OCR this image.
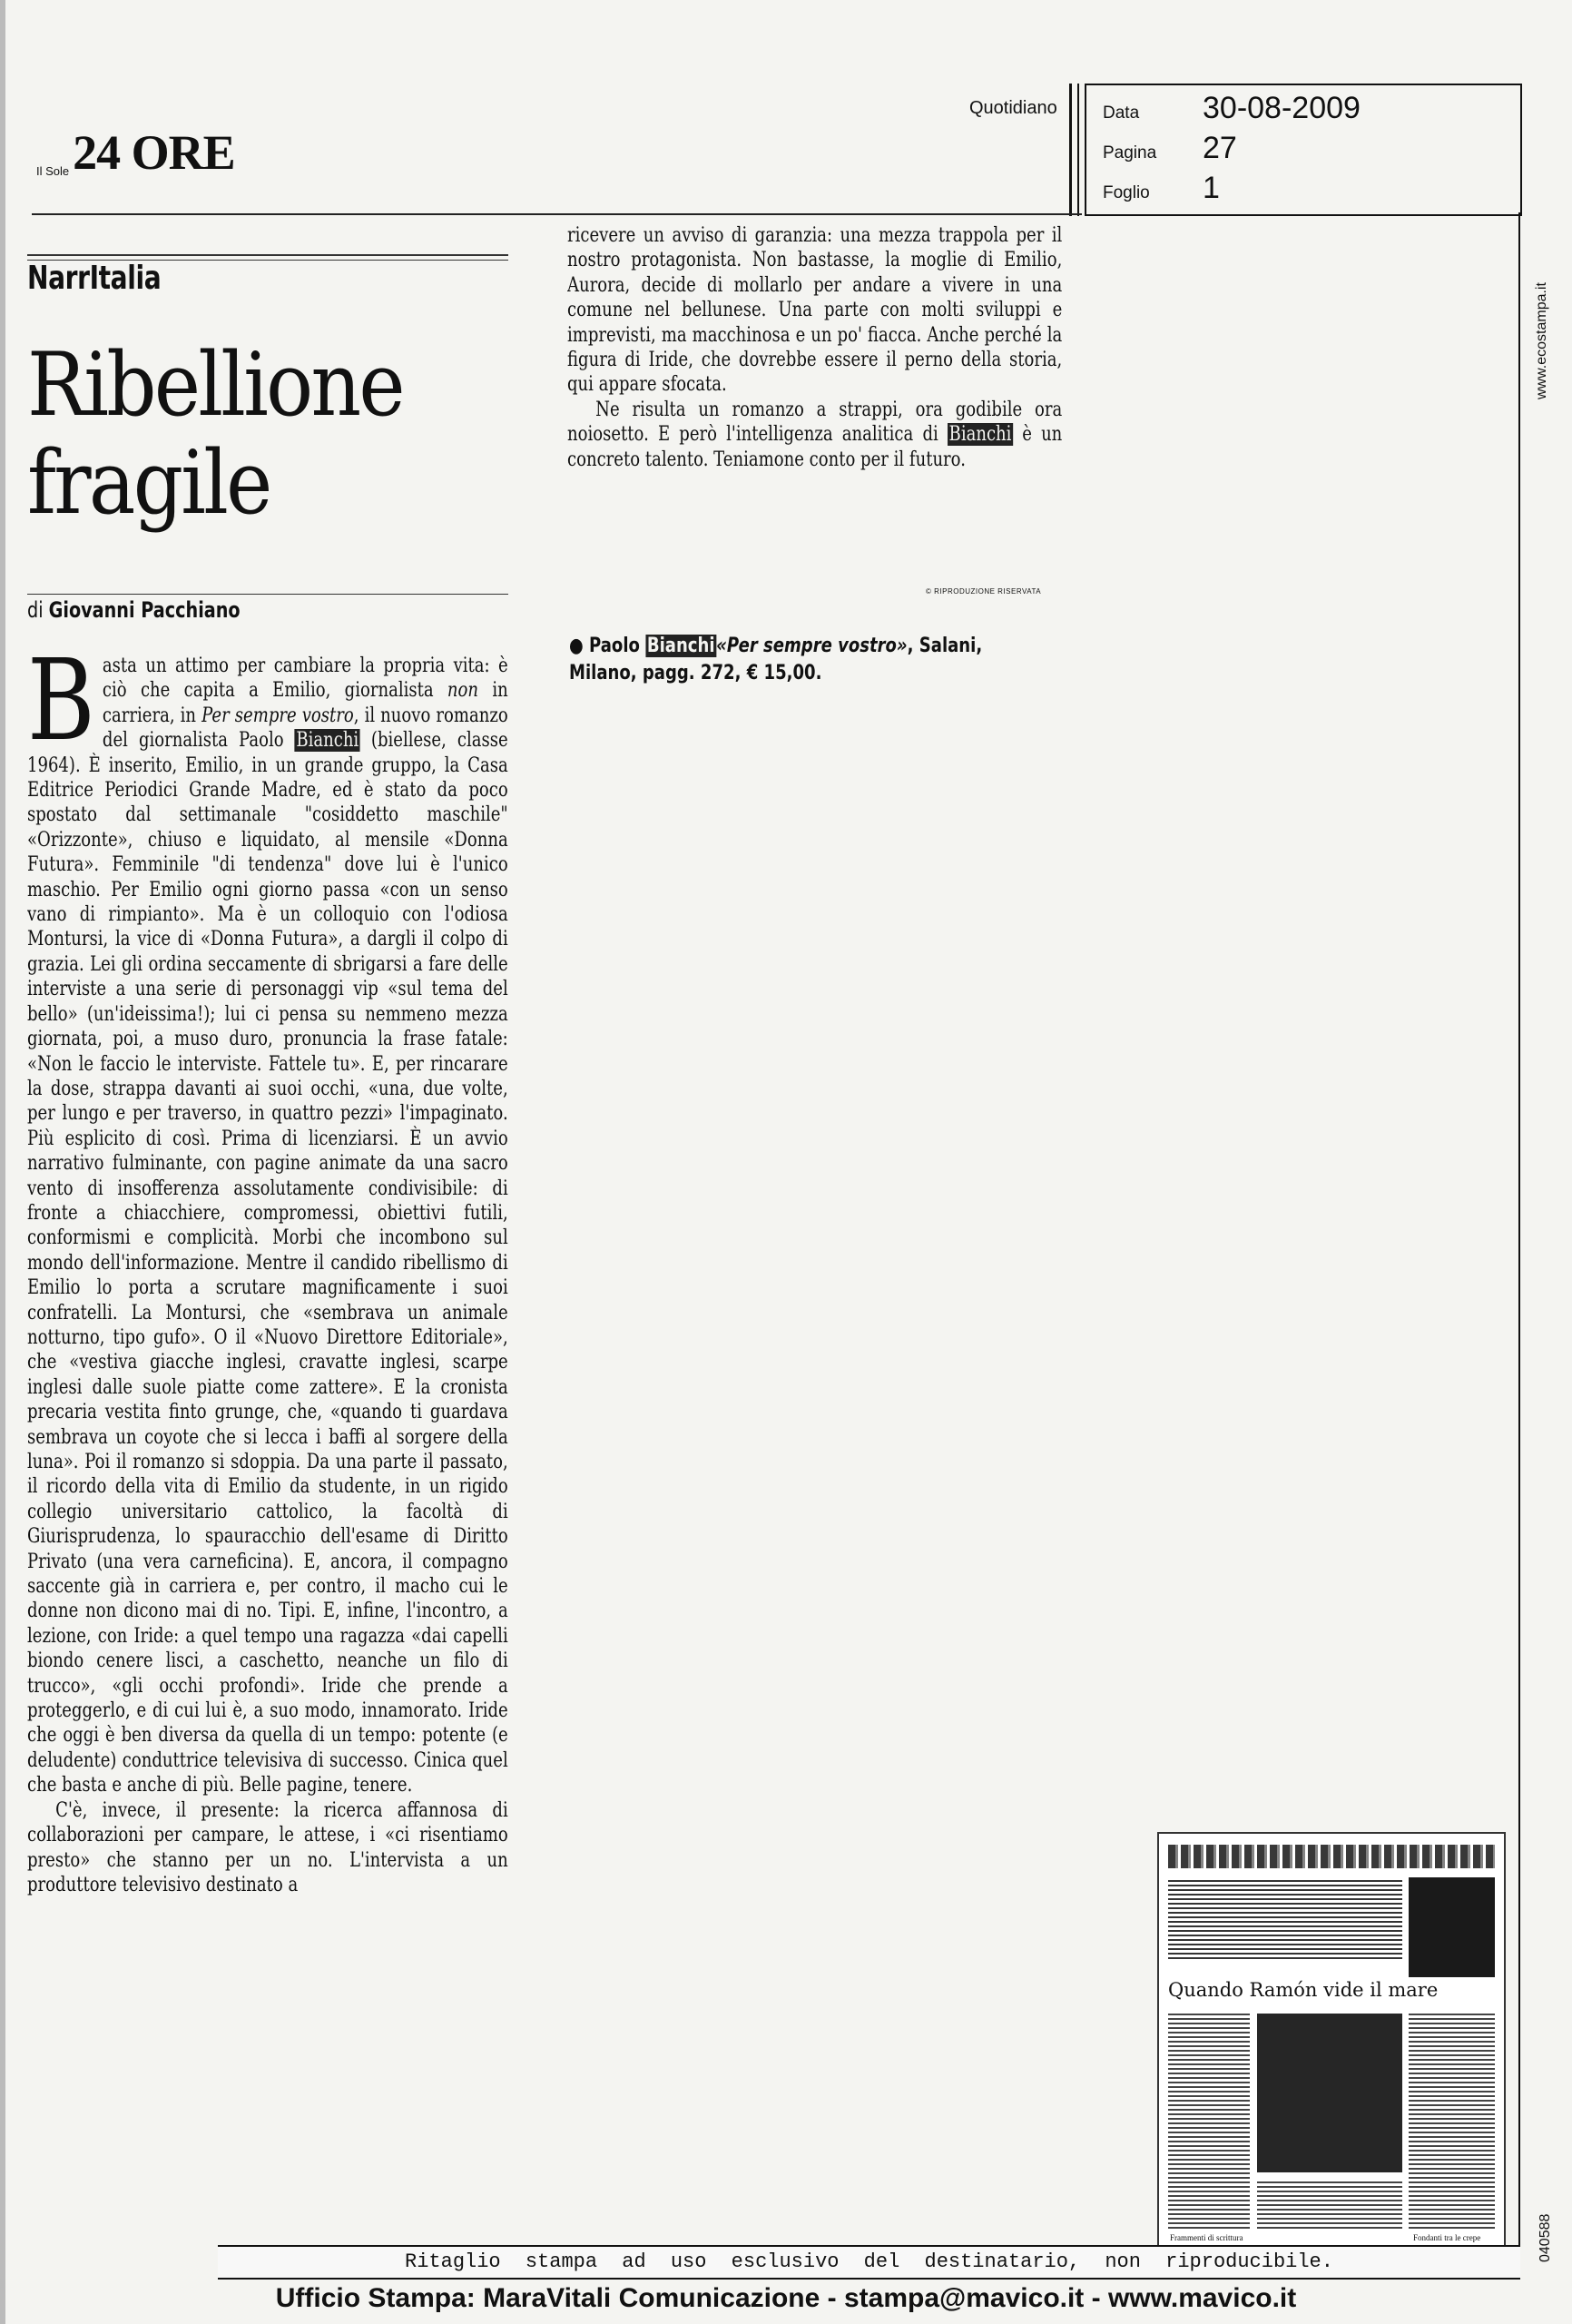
Il Sole 24 ORE
Quotidiano	Data	30-08-2009
Pagina	27
Foglio	1
www.ecostampa.it
040588
NarrItalia
Ribellione
fragile
di Giovanni Pacchiano

Basta un attimo per cambiare la propria vita: è ciò che capita a Emilio, giornalista non in carriera, in Per sempre vostro, il nuovo romanzo del giornalista Paolo Bianchi (biellese, classe 1964). È inserito, Emilio, in un grande gruppo, la Casa Editrice Periodici Grande Madre, ed è stato da poco spostato dal settimanale "cosiddetto maschile" «Orizzonte», chiuso e liquidato, al mensile «Donna Futura». Femminile "di tendenza" dove lui è l'unico maschio. Per Emilio ogni giorno passa «con un senso vano di rimpianto». Ma è un colloquio con l'odiosa Montursi, la vice di «Donna Futura», a dargli il colpo di grazia. Lei gli ordina seccamente di sbrigarsi a fare delle interviste a una serie di personaggi vip «sul tema del bello» (un'ideissima!); lui ci pensa su nemmeno mezza giornata, poi, a muso duro, pronuncia la frase fatale: «Non le faccio le interviste. Fattele tu». E, per rincarare la dose, strappa davanti ai suoi occhi, «una, due volte, per lungo e per traverso, in quattro pezzi» l'impaginato. Più esplicito di così. Prima di licenziarsi. È un avvio narrativo fulminante, con pagine animate da una sacro vento di insofferenza assolutamente condivisibile: di fronte a chiacchiere, compromessi, obiettivi futili, conformismi e complicità. Morbi che incombono sul mondo dell'informazione. Mentre il candido ribellismo di Emilio lo porta a scrutare magnificamente i suoi confratelli. La Montursi, che «sembrava un animale notturno, tipo gufo». O il «Nuovo Direttore Editoriale», che «vestiva giacche inglesi, cravatte inglesi, scarpe inglesi dalle suole piatte come zattere». E la cronista precaria vestita finto grunge, che, «quando ti guardava sembrava un coyote che si lecca i baffi al sorgere della luna». Poi il romanzo si sdoppia. Da una parte il passato, il ricordo della vita di Emilio da studente, in un rigido collegio universitario cattolico, la facoltà di Giurisprudenza, lo spauracchio dell'esame di Diritto Privato (una vera carneficina). E, ancora, il compagno saccente già in carriera e, per contro, il macho cui le donne non dicono mai di no. Tipi. E, infine, l'incontro, a lezione, con Iride: a quel tempo una ragazza «dai capelli biondo cenere lisci, a caschetto, neanche un filo di trucco», «gli occhi profondi». Iride che prende a proteggerlo, e di cui lui è, a suo modo, innamorato. Iride che oggi è ben diversa da quella di un tempo: potente (e deludente) conduttrice televisiva di successo. Cinica quel che basta e anche di più. Belle pagine, tenere.

C'è, invece, il presente: la ricerca affannosa di collaborazioni per campare, le attese, i «ci risentiamo presto» che stanno per un no. L'intervista a un produttore televisivo destinato a

ricevere un avviso di garanzia: una mezza trappola per il nostro protagonista. Non bastasse, la moglie di Emilio, Aurora, decide di mollarlo per andare a vivere in una comune nel bellunese. Una parte con molti sviluppi e imprevisti, ma macchinosa e un po' fiacca. Anche perché la figura di Iride, che dovrebbe essere il perno della storia, qui appare sfocata.

Ne risulta un romanzo a strappi, ora godibile ora noiosetto. E però l'intelligenza analitica di Bianchi è un concreto talento. Teniamone conto per il futuro.

© RIPRODUZIONE RISERVATA
● Paolo Bianchi«Per sempre vostro», Salani, Milano, pagg. 272, € 15,00.
Quando Ramón vide il mare
Frammenti di scrittura	Fondanti tra le crepe
Ritaglio stampa ad uso esclusivo del destinatario, non riproducibile.
Ufficio Stampa: MaraVitali Comunicazione - stampa@mavico.it - www.mavico.it
